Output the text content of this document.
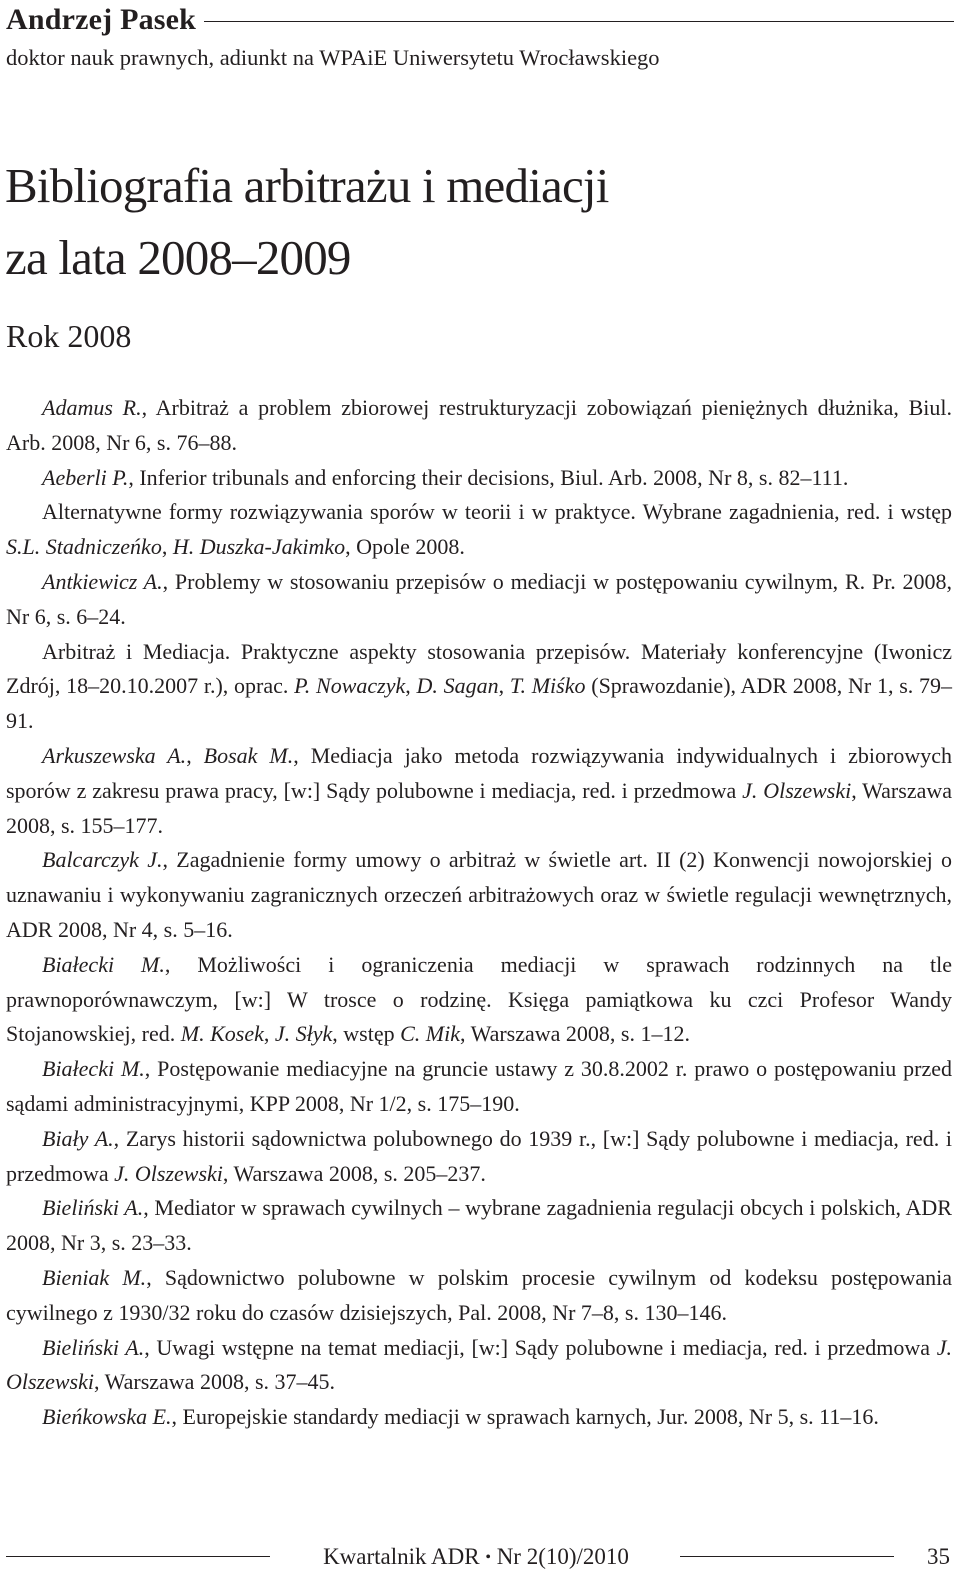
Andrzej Pasek
doktor nauk prawnych, adiunkt na WPAiE Uniwersytetu Wrocławskiego
Bibliografia arbitrażu i mediacji
za lata 2008–2009
Rok 2008

Adamus R., Arbitraż a problem zbiorowej restrukturyzacji zobowiązań pieniężnych dłużnika, Biul. Arb. 2008, Nr 6, s. 76–88.

Aeberli P., Inferior tribunals and enforcing their decisions, Biul. Arb. 2008, Nr 8, s. 82–111.

Alternatywne formy rozwiązywania sporów w teorii i w praktyce. Wybrane zagadnienia, red. i wstęp S.L. Stadniczeńko, H. Duszka-Jakimko, Opole 2008.

Antkiewicz A., Problemy w stosowaniu przepisów o mediacji w postępowaniu cywilnym, R. Pr. 2008, Nr 6, s. 6–24.

Arbitraż i Mediacja. Praktyczne aspekty stosowania przepisów. Materiały konferencyjne (Iwonicz Zdrój, 18–20.10.2007 r.), oprac. P. Nowaczyk, D. Sagan, T. Miśko (Sprawozdanie), ADR 2008, Nr 1, s. 79–91.

Arkuszewska A., Bosak M., Mediacja jako metoda rozwiązywania indywidualnych i zbiorowych sporów z zakresu prawa pracy, [w:] Sądy polubowne i mediacja, red. i przedmowa J. Olszewski, Warszawa 2008, s. 155–177.

Balcarczyk J., Zagadnienie formy umowy o arbitraż w świetle art. II (2) Konwencji nowojorskiej o uznawaniu i wykonywaniu zagranicznych orzeczeń arbitrażowych oraz w świetle regulacji wewnętrznych, ADR 2008, Nr 4, s. 5–16.

Białecki M., Możliwości i ograniczenia mediacji w sprawach rodzinnych na tle prawnoporównawczym, [w:] W trosce o rodzinę. Księga pamiątkowa ku czci Profesor Wandy Stojanowskiej, red. M. Kosek, J. Słyk, wstęp C. Mik, Warszawa 2008, s. 1–12.

Białecki M., Postępowanie mediacyjne na gruncie ustawy z 30.8.2002 r. prawo o postępowaniu przed sądami administracyjnymi, KPP 2008, Nr 1/2, s. 175–190.

Biały A., Zarys historii sądownictwa polubownego do 1939 r., [w:] Sądy polubowne i mediacja, red. i przedmowa J. Olszewski, Warszawa 2008, s. 205–237.

Bieliński A., Mediator w sprawach cywilnych – wybrane zagadnienia regulacji obcych i polskich, ADR 2008, Nr 3, s. 23–33.

Bieniak M., Sądownictwo polubowne w polskim procesie cywilnym od kodeksu postępowania cywilnego z 1930/32 roku do czasów dzisiejszych, Pal. 2008, Nr 7–8, s. 130–146.

Bieliński A., Uwagi wstępne na temat mediacji, [w:] Sądy polubowne i mediacja, red. i przedmowa J. Olszewski, Warszawa 2008, s. 37–45.

Bieńkowska E., Europejskie standardy mediacji w sprawach karnych, Jur. 2008, Nr 5, s. 11–16.

Kwartalnik ADR • Nr 2(10)/2010	35
